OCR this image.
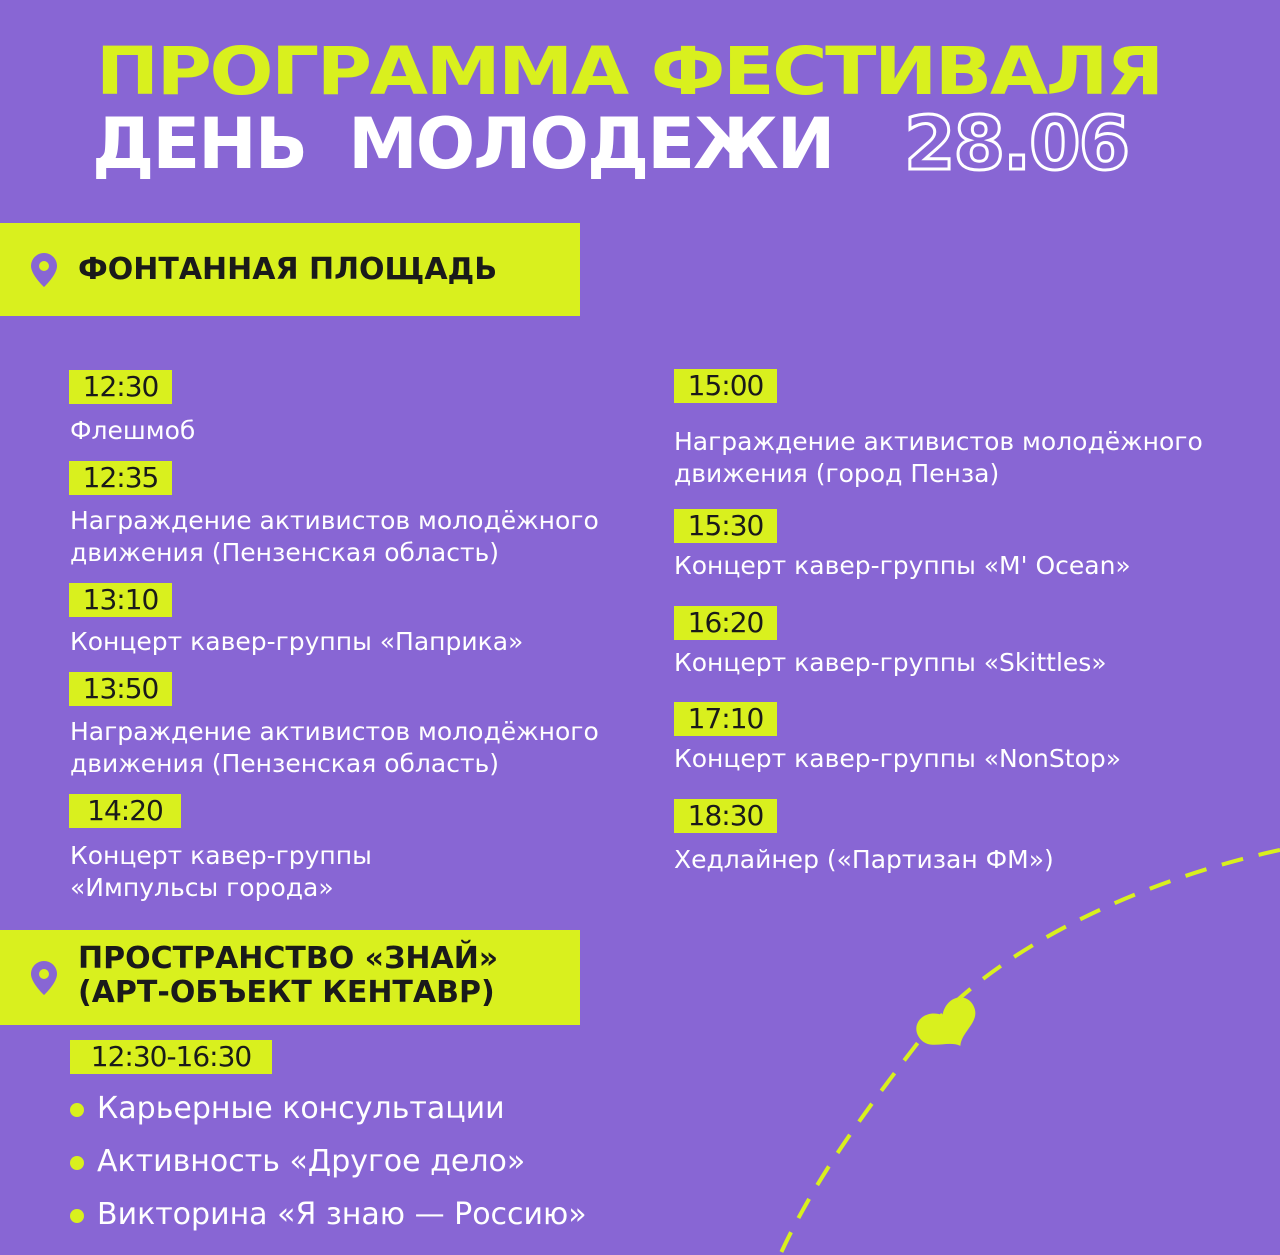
ПРОГРАММА ФЕСТИВАЛЯ
ДЕНЬ МОЛОДЕЖИ 28.06

ФОНТАННАЯ ПЛОЩАДЬ

12:30

Флешмоб

12:35

Награждение активистов молодёжного

движения (Пензенская область)

13:10

Концерт кавер-группы «Паприка»

13:50

Награждение активистов молодёжного

движения (Пензенская область)

14:20

Концерт кавер-группы

«Импульсы города»

15:00

Награждение активистов молодёжного

движения (город Пенза)

15:30

Концерт кавер-группы «M' Ocean»

16:20

Концерт кавер-группы «Skittles»

17:10

Концерт кавер-группы «NonStop»

18:30

Хедлайнер («Партизан ФМ»)

ПРОСТРАНСТВО «ЗНАЙ»
(АРТ-ОБЪЕКТ КЕНТАВР)

12:30-16:30
Карьерные консультации
Активность «Другое дело»
Викторина «Я знаю — Россию»
